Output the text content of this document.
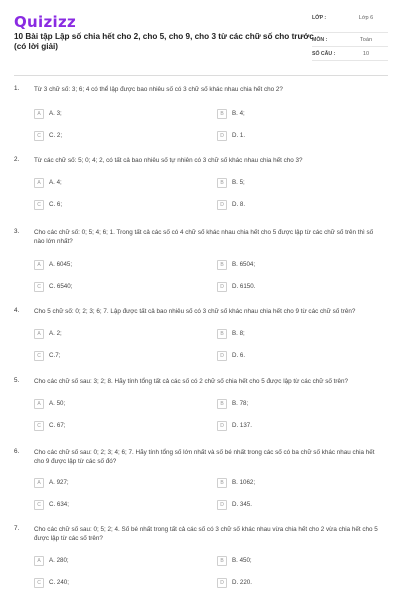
Quizizz
10 Bài tập Lập số chia hết cho 2, cho 5, cho 9, cho 3 từ các chữ số cho trước (có lời giải)
LỚP :	Lớp 6
MÔN :	Toán
SỐ CÂU :	10
1. Từ 3 chữ số: 3; 6; 4 có thể lập được bao nhiêu số có 3 chữ số khác nhau chia hết cho 2?
A	A. 3;	B	B. 4;
C	C. 2;	D	D. 1.
2. Từ các chữ số: 5; 0; 4; 2, có tất cả bao nhiêu số tự nhiên có 3 chữ số khác nhau chia hết cho 3?
A	A. 4;	B	B. 5;
C	C. 6;	D	D. 8.
3. Cho các chữ số: 0; 5; 4; 6; 1. Trong tất cả các số có 4 chữ số khác nhau chia hết cho 5 được lập từ các chữ số trên thì số nào lớn nhất?
A	A. 6045;	B	B. 6504;
C	C. 6540;	D	D. 6150.
4. Cho 5 chữ số: 0; 2; 3; 6; 7. Lập được tất cả bao nhiêu số có 3 chữ số khác nhau chia hết cho 9 từ các chữ số trên?
A	A. 2;	B	B. 8;
C	C.7;	D	D. 6.
5. Cho các chữ số sau: 3; 2; 8. Hãy tính tổng tất cả các số có 2 chữ số chia hết cho 5 được lập từ các chữ số trên?
A	A. 50;	B	B. 78;
C	C. 67;	D	D. 137.
6. Cho các chữ số sau: 0; 2; 3; 4; 6; 7. Hãy tính tổng số lớn nhất và số bé nhất trong các số có ba chữ số khác nhau chia hết cho 9 được lập từ các số đó?
A	A. 927;	B	B. 1062;
C	C. 634;	D	D. 345.
7. Cho các chữ số sau: 0; 5; 2; 4. Số bé nhất trong tất cả các số có 3 chữ số khác nhau vừa chia hết cho 2 vừa chia hết cho 5 được lập từ các số trên?
A	A. 280;	B	B. 450;
C	C. 240;	D	D. 220.
